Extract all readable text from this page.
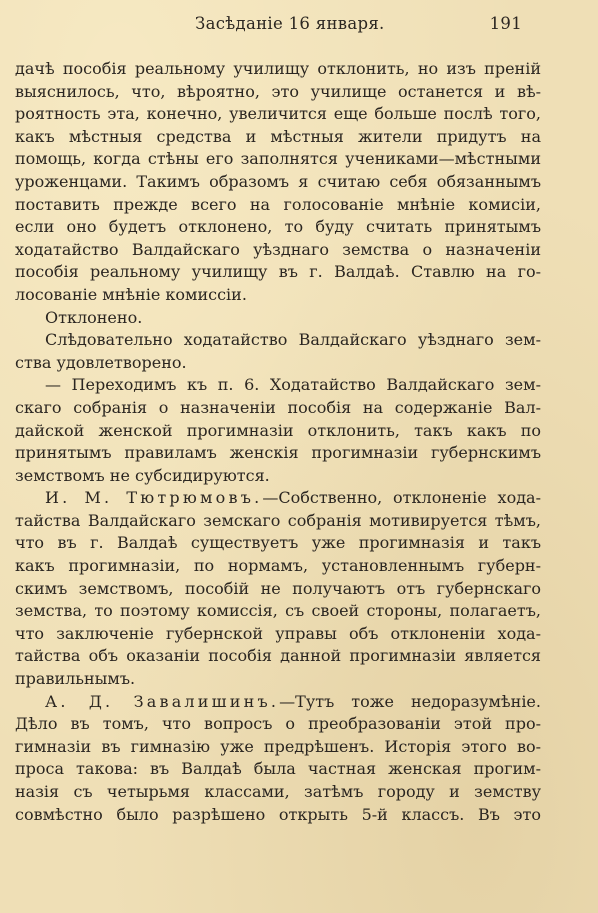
Засѣданіе 16 января.	191
дачѣ пособія реальному училищу отклонить, но изъ преній
выяснилось, что, вѣроятно, это училище останется и вѣ-
роятность эта, конечно, увеличится еще больше послѣ того,
какъ мѣстныя средства и мѣстныя жители придутъ на
помощь, когда стѣны его заполнятся учениками—мѣстными
уроженцами. Такимъ образомъ я считаю себя обязаннымъ
поставить прежде всего на голосованіе мнѣніе комисіи,
если оно будетъ отклонено, то буду считать принятымъ
ходатайство Валдайскаго уѣзднаго земства о назначеніи
пособія реальному училищу въ г. Валдаѣ. Ставлю на го-
лосованіе мнѣніе комиссіи.
Отклонено.
Слѣдовательно ходатайство Валдайскаго уѣзднаго зем-
ства удовлетворено.
— Переходимъ къ п. 6. Ходатайство Валдайскаго зем-
скаго собранія о назначеніи пособія на содержаніе Вал-
дайской женской прогимназіи отклонить, такъ какъ по
принятымъ правиламъ женскія прогимназіи губернскимъ
земствомъ не субсидируются.
И. М. Тютрюмовъ.—Собственно, отклоненіе хода-
тайства Валдайскаго земскаго собранія мотивируется тѣмъ,
что въ г. Валдаѣ существуетъ уже прогимназія и такъ
какъ прогимназіи, по нормамъ, установленнымъ губерн-
скимъ земствомъ, пособій не получаютъ отъ губернскаго
земства, то поэтому комиссія, съ своей стороны, полагаетъ,
что заключеніе губернской управы объ отклоненіи хода-
тайства объ оказаніи пособія данной прогимназіи является
правильнымъ.
А. Д. Завалишинъ.—Тутъ тоже недоразумѣніе.
Дѣло въ томъ, что вопросъ о преобразованіи этой про-
гимназіи въ гимназію уже предрѣшенъ. Исторія этого во-
проса такова: въ Валдаѣ была частная женская прогим-
назія съ четырьмя классами, затѣмъ городу и земству
совмѣстно было разрѣшено открыть 5-й классъ. Въ это
